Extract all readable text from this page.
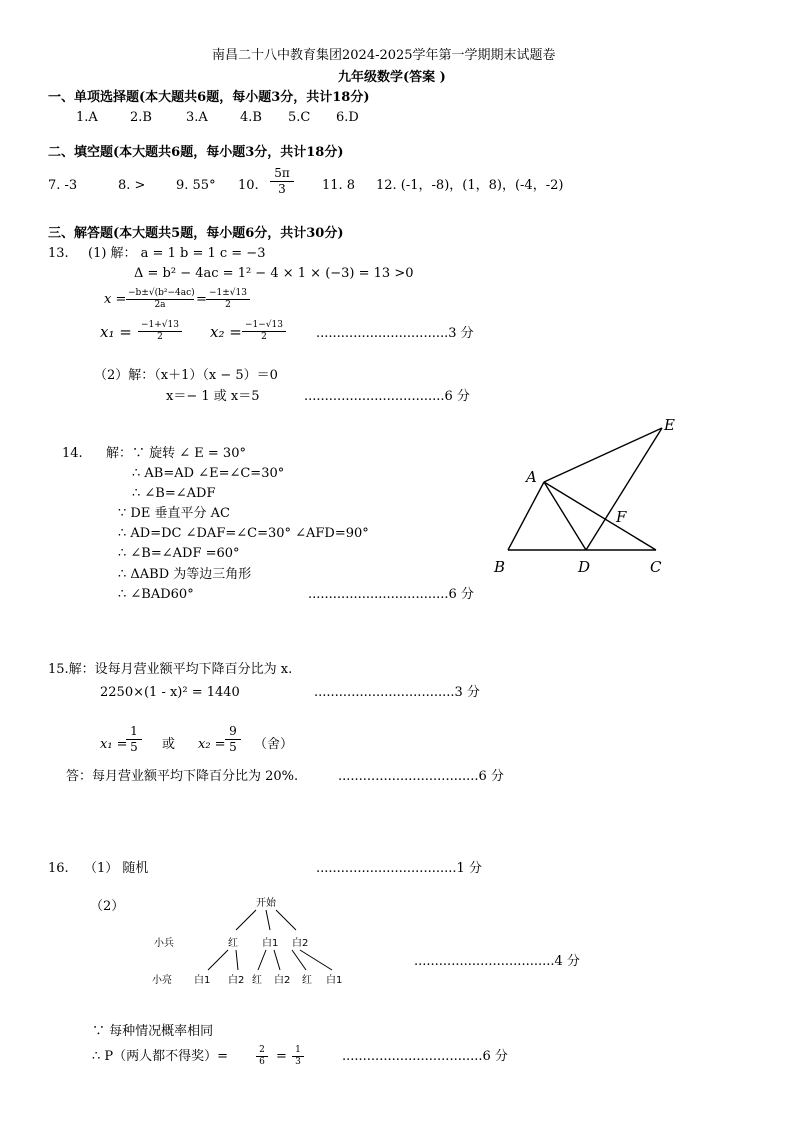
南昌二十八中教育集团2024-2025学年第一学期期末试题卷
九年级数学(答案 )
一、单项选择题(本大题共6题，每小题3分，共计18分)
1.A 2.B	3.A 4.B 5.C 6.D
二、填空题(本大题共6题，每小题3分，共计18分)
7. -3	8. > 9. 55° 10. $\frac{5\pi}{3} 11$. 8 12. (-1，-8)，(1，8)，(-4，-2)
三、解答题(本大题共5题，每小题6分，共计30分)
13. (1) 解： a = 1 b = 1 c = −3
Δ = b² − 4ac = 1² − 4 × 1 × (−3) = 13 >0
$x = \frac{\text{−b±√(b²−4ac)}}{2a} = \frac{-1\pm√13}{2}$
$x_1 = \frac{-1+√13}{2} x_2 = \frac{-1-√13}{2} ................................3$ 分
（2）解：（x＋1）（x − 5）＝0
x＝− 1 或 x＝5	..................................6 分
14. 解：∵ 旋转 ∠ E = 30°
∴ AB=AD ∠E=∠C=30°
∴ ∠B=∠ADF
∵ DE 垂直平分 AC
∴ AD=DC ∠DAF=∠C=30° ∠AFD=90°
∴ ∠B=∠ADF =60°
∴ ΔABD 为等边三角形
∴ ∠BAD60°	..................................6 分
A
B	C
D
E
F
15.解：设每月营业额平均下降百分比为 x.
2250×(1 - x)² = 1440	..................................3 分
x₁ =
$\frac{1}{5}$ 或 $x_2 = \frac{9}{5}$ （舍）
答：每月营业额平均下降百分比为 20%.	..................................6 分
16. （1） 随机	..................................1 分
（2）	开始
小兵	红 白1 白2
小亮 白1 白2 红 白2 红 白1
..................................4 分
∵ 每种情况概率相同
∴ P（两人都不得奖）=	$\frac{2}{6} = \frac{1}{3}$	..................................6 分
